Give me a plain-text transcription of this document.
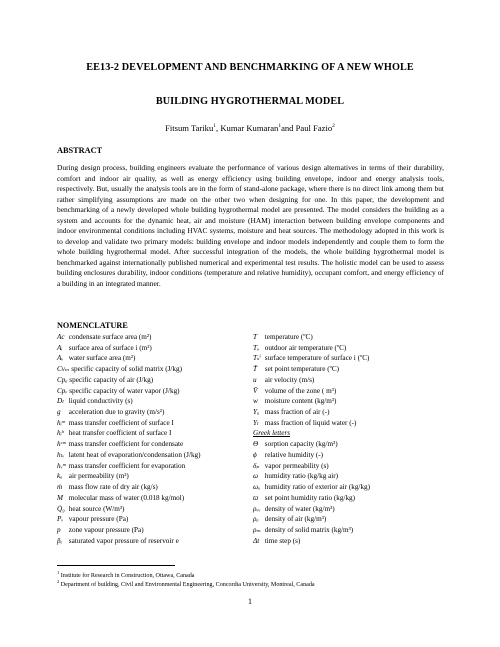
EE13-2 DEVELOPMENT AND BENCHMARKING OF A NEW WHOLE
BUILDING HYGROTHERMAL MODEL
Fitsum Tariku$^1$, Kumar Kumaran$^1$and Paul Fazio$^2$
ABSTRACT
During design process, building engineers evaluate the performance of various design alternatives in terms of their durability, comfort and indoor air quality, as well as energy efficiency using building envelope, indoor and energy analysis tools, respectively. But, usually the analysis tools are in the form of stand-alone package, where there is no direct link among them but rather simplifying assumptions are made on the other two when designing for one. In this paper, the development and benchmarking of a newly developed whole building hygrothermal model are presented. The model considers the building as a system and accounts for the dynamic heat, air and moisture (HAM) interaction between building envelope components and indoor environmental conditions including HVAC systems, moisture and heat sources. The methodology adopted in this work is to develop and validate two primary models: building envelope and indoor models independently and couple them to form the whole building hygrothermal model. After successful integration of the models, the whole building hygrothermal model is benchmarked against internationally published numerical and experimental test results. The holistic model can be used to assess building enclosures durability, indoor conditions (temperature and relative humidity), occupant comfort, and energy efficiency of a building in an integrated manner.
NOMENCLATURE
Ac condensate surface area (m²)
Aᵢ surface area of surface i (m²)
Aᵥ water surface area (m²)
Cvₘ specific capacity of solid matrix (J/kg)
Cpₐ specific capacity of air (J/kg)
Cpᵥ specific capacity of water vapor (J/kg)
Dₗ liquid conductivity (s)
g⃗ acceleration due to gravity (m/s²)
hᵢᵐ mass transfer coefficient of surface I
hᵢʰ heat transfer coefficient of surface I
hᶜᵐ mass transfer coefficient for condensate
hₗᵥ latent heat of evaporation/condensation (J/kg)
hᵥᵐ mass transfer coefficient for evaporation
kₐ air permeability (m²)
ṁ mass flow rate of dry air (kg/s)
M molecular mass of water (0.018 kg/mol)
Q̇₉ heat source (W/m³)
Pᵥ vapour pressure (Pa)
p zone vapour pressure (Pa)
p̃ₑ saturated vapor pressure of reservoir e
T temperature (ºC)
Tₒ outdoor air temperature (ºC)
Tₛⁱ surface temperature of surface i (ºC)
T̃ set point temperature (ºC)
u⃗ air velocity (m/s)
V̄ volume of the zone ( m³)
w moisture content (kg/m³)
Yₐ mass fraction of air (-)
Yₗ mass fraction of liquid water (-)
Greek letters
Θ sorption capacity (kg/m³)
ϕ relative humidity (-)
δₚ vapor permeability (s)
ω humidity ratio (kg/kg air)
ωₒ humidity ratio of exterior air (kg/kg)
ϖ set point humidity ratio (kg/kg)
ρᵥᵥ density of water (kg/m³)
ρₐ density of air (kg/m³)
ρₘ density of solid matrix (kg/m³)
Δt time step (s)
$^1$ Institute for Research in Construction, Ottawa, Canada
$^2$ Department of building, Civil and Environmental Engineering, Concordia University, Montreal, Canada
1
